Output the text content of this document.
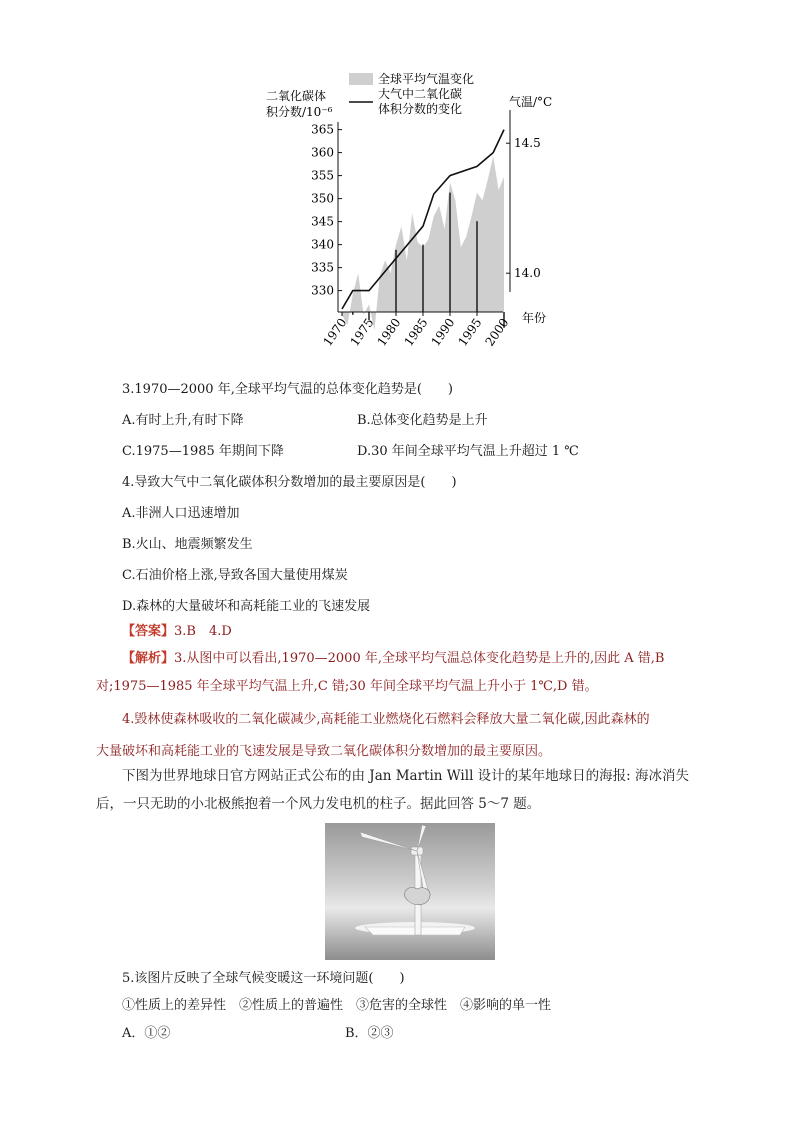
365
360
355
350
345
340
335
330
14.5
14.0
1970
1975
1980
1985
1990
1995
2000
全球平均气温变化
大气中二氧化碳
体积分数的变化
二氧化碳体
积分数/10⁻⁶
气温/°C
年份
3.1970—2000 年,全球平均气温的总体变化趋势是(　　)
A.有时上升,有时下降	B.总体变化趋势是上升
C.1975—1985 年期间下降	D.30 年间全球平均气温上升超过 1 ℃
4.导致大气中二氧化碳体积分数增加的最主要原因是(　　)
A.非洲人口迅速增加
B.火山、地震频繁发生
C.石油价格上涨,导致各国大量使用煤炭
D.森林的大量破坏和高耗能工业的飞速发展
【答案】3.B　4.D
【解析】3.从图中可以看出,1970—2000 年,全球平均气温总体变化趋势是上升的,因此 A 错,B
对;1975—1985 年全球平均气温上升,C 错;30 年间全球平均气温上升小于 1℃,D 错。
4.毁林使森林吸收的二氧化碳减少,高耗能工业燃烧化石燃料会释放大量二氧化碳,因此森林的
大量破坏和高耗能工业的飞速发展是导致二氧化碳体积分数增加的最主要原因。
下图为世界地球日官方网站正式公布的由 Jan Martin Will 设计的某年地球日的海报: 海冰消失
后，一只无助的小北极熊抱着一个风力发电机的柱子。据此回答 5～7 题。
5.该图片反映了全球气候变暖这一环境问题(　　)
①性质上的差异性　②性质上的普遍性　③危害的全球性　④影响的单一性
A．①②	B．②③
